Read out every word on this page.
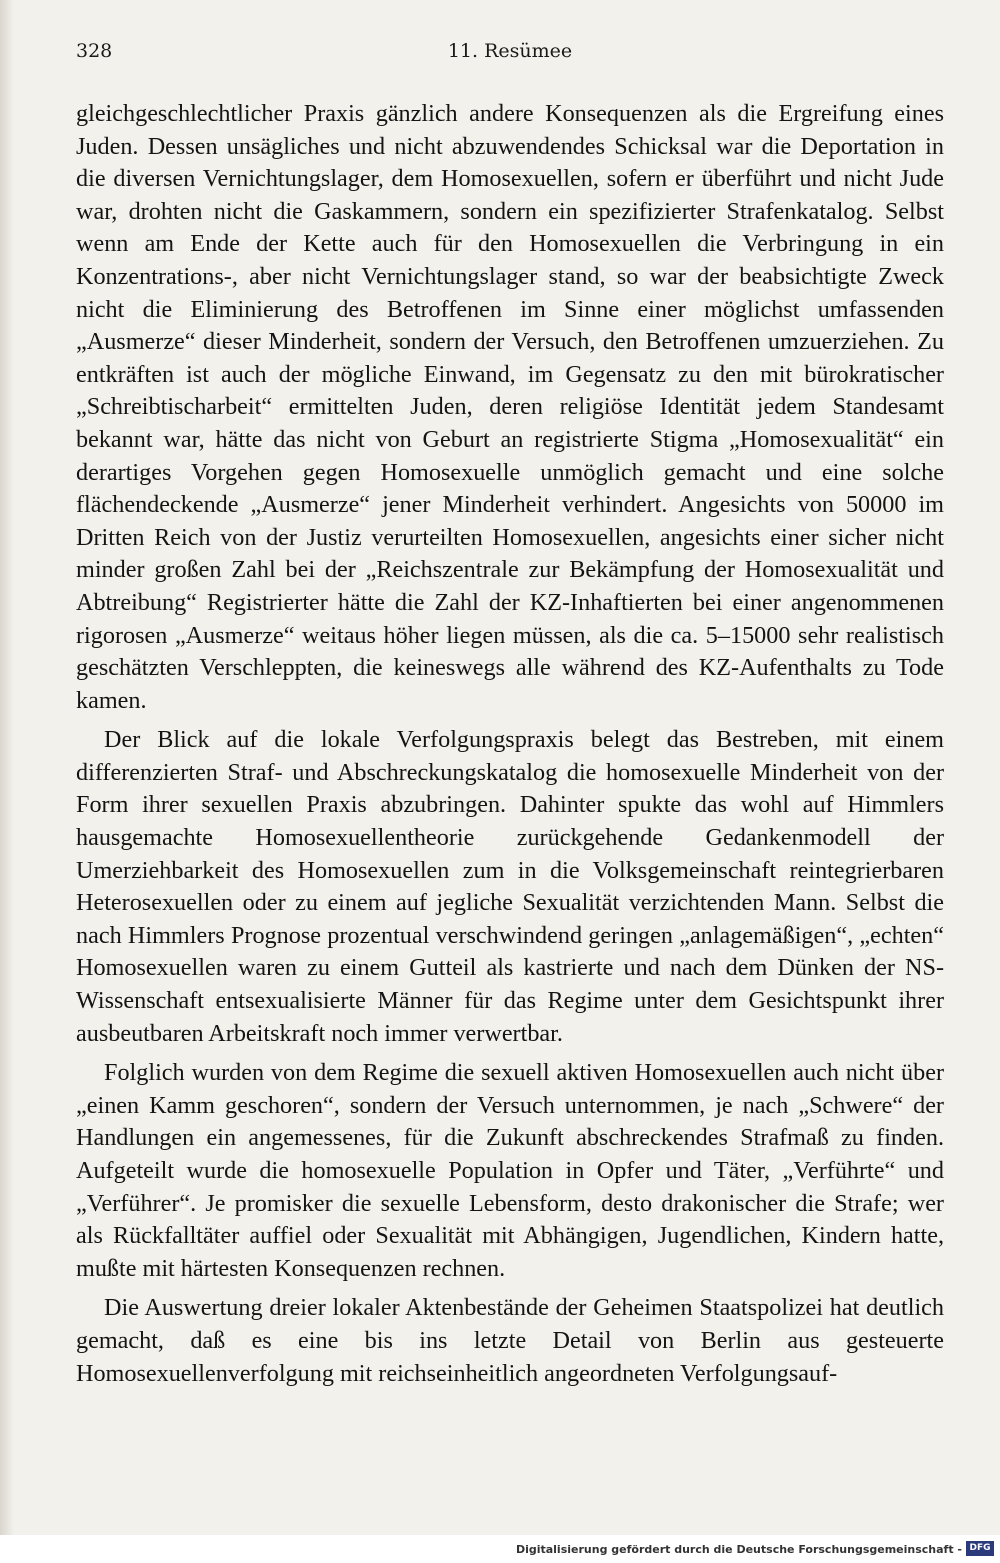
328	11. Resümee

gleichgeschlechtlicher Praxis gänzlich andere Konsequenzen als die Ergreifung eines Juden. Dessen unsägliches und nicht abzuwendendes Schicksal war die Deportation in die diversen Vernichtungslager, dem Homosexuellen, sofern er überführt und nicht Jude war, drohten nicht die Gaskammern, sondern ein spezifizierter Strafenkatalog. Selbst wenn am Ende der Kette auch für den Homosexuellen die Verbringung in ein Konzentrations-, aber nicht Vernichtungslager stand, so war der beabsichtigte Zweck nicht die Eliminierung des Betroffenen im Sinne einer möglichst umfassenden „Ausmerze“ dieser Minderheit, sondern der Versuch, den Betroffenen umzuerziehen. Zu entkräften ist auch der mögliche Einwand, im Gegensatz zu den mit bürokratischer „Schreibtischarbeit“ ermittelten Juden, deren religiöse Identität jedem Standesamt bekannt war, hätte das nicht von Geburt an registrierte Stigma „Homosexualität“ ein derartiges Vorgehen gegen Homosexuelle unmöglich gemacht und eine solche flächendeckende „Ausmerze“ jener Minderheit verhindert. Angesichts von 50000 im Dritten Reich von der Justiz verurteilten Homosexuellen, angesichts einer sicher nicht minder großen Zahl bei der „Reichszentrale zur Bekämpfung der Homosexualität und Abtreibung“ Registrierter hätte die Zahl der KZ-Inhaftierten bei einer angenommenen rigorosen „Ausmerze“ weitaus höher liegen müssen, als die ca. 5–15000 sehr realistisch geschätzten Verschleppten, die keineswegs alle während des KZ-Aufenthalts zu Tode kamen.

Der Blick auf die lokale Verfolgungspraxis belegt das Bestreben, mit einem differenzierten Straf- und Abschreckungskatalog die homosexuelle Minderheit von der Form ihrer sexuellen Praxis abzubringen. Dahinter spukte das wohl auf Himmlers hausgemachte Homosexuellentheorie zurückgehende Gedankenmodell der Umerziehbarkeit des Homosexuellen zum in die Volksgemeinschaft reintegrierbaren Heterosexuellen oder zu einem auf jegliche Sexualität verzichtenden Mann. Selbst die nach Himmlers Prognose prozentual verschwindend geringen „anlagemäßigen“, „echten“ Homosexuellen waren zu einem Gutteil als kastrierte und nach dem Dünken der NS-Wissenschaft entsexualisierte Männer für das Regime unter dem Gesichtspunkt ihrer ausbeutbaren Arbeitskraft noch immer verwertbar.

Folglich wurden von dem Regime die sexuell aktiven Homosexuellen auch nicht über „einen Kamm geschoren“, sondern der Versuch unternommen, je nach „Schwere“ der Handlungen ein angemessenes, für die Zukunft abschreckendes Strafmaß zu finden. Aufgeteilt wurde die homosexuelle Population in Opfer und Täter, „Verführte“ und „Verführer“. Je promisker die sexuelle Lebensform, desto drakonischer die Strafe; wer als Rückfalltäter auffiel oder Sexualität mit Abhängigen, Jugendlichen, Kindern hatte, mußte mit härtesten Konsequenzen rechnen.

Die Auswertung dreier lokaler Aktenbestände der Geheimen Staatspolizei hat deutlich gemacht, daß es eine bis ins letzte Detail von Berlin aus gesteuerte Homosexuellenverfolgung mit reichseinheitlich angeordneten Verfolgungsauf-

Digitalisierung gefördert durch die Deutsche Forschungsgemeinschaft - DFG
